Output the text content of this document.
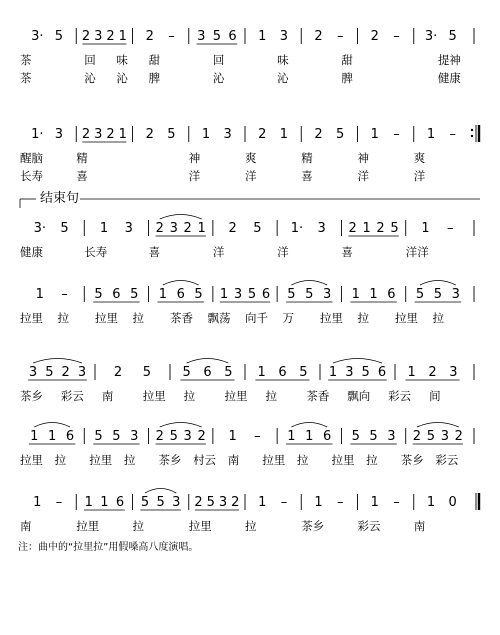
3· 5 2 3 2 1 2 – 3 5 6 1 3 2 – 2 – 3· 5
茶	回 味 甜	回	味	甜	提神
茶	沁 沁 脾	沁	沁	脾	健康
1· 3 2 3 2 1 2 5 1 3 2 1 2 5 1 – 1 –
醒脑	精	神	爽	精	神	爽
长寿	喜	洋	洋	喜	洋	洋
结束句
3· 5 1 3 2 3 2 1 2 5 1· 3 2 1 2 5 1 –
健康	长寿	喜	洋	洋	喜	洋洋
1 – 5 6 5 1 6 5 1 3 5 6 5 5 3 1 1 6 5 5 3
拉里 拉 拉里 拉 茶香 飘荡 向千 万 拉里 拉 拉里 拉
3 5 2 3 2 5 5 6 5 1 6 5 1 3 5 6 1 2 3
茶乡 彩云 南	拉里 拉	拉里 拉	茶香 飘向 彩云 间
1 1 6 5 5 3 2 5 3 2 1 – 1 1 6 5 5 3 2 5 3 2
拉里 拉 拉里 拉 茶乡 村云 南 拉里 拉 拉里 拉 茶乡 彩云
1 – 1 1 6 5 5 3 2 5 3 2 1 – 1 – 1 – 1 0
南	拉里	拉	拉里	拉	茶乡	彩云	南
注：曲中的“拉里拉”用假嗓高八度演唱。
